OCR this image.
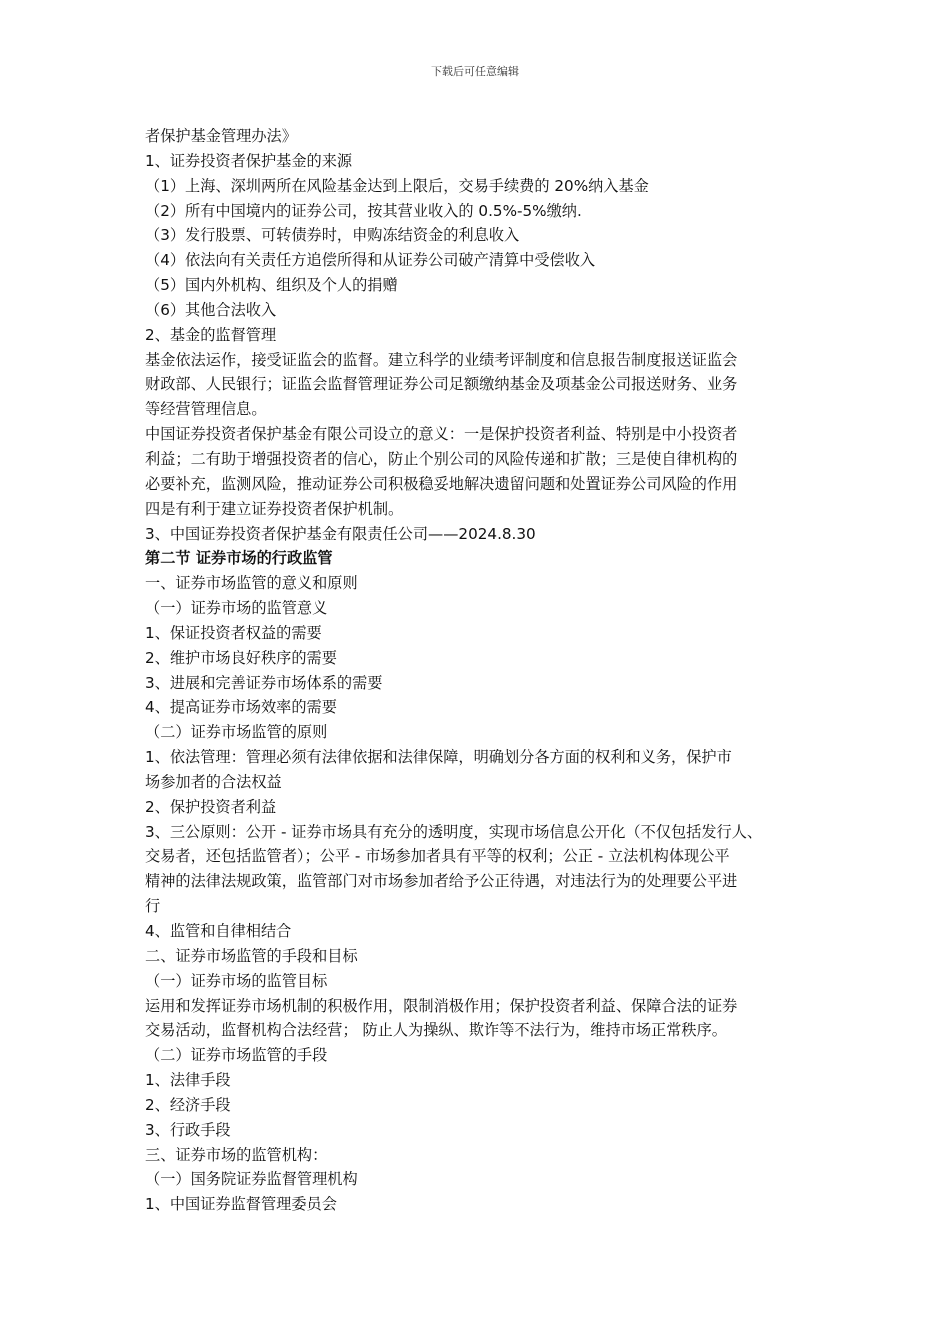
下载后可任意编辑
者保护基金管理办法》
1、证券投资者保护基金的来源
（1）上海、深圳两所在风险基金达到上限后，交易手续费的 20%纳入基金
（2）所有中国境内的证券公司，按其营业收入的 0.5%-5%缴纳.
（3）发行股票、可转债券时，申购冻结资金的利息收入
（4）依法向有关责任方追偿所得和从证券公司破产清算中受偿收入
（5）国内外机构、组织及个人的捐赠
（6）其他合法收入
2、基金的监督管理
基金依法运作，接受证监会的监督。建立科学的业绩考评制度和信息报告制度报送证监会
财政部、人民银行；证监会监督管理证券公司足额缴纳基金及项基金公司报送财务、业务
等经营管理信息。
中国证券投资者保护基金有限公司设立的意义：一是保护投资者利益、特别是中小投资者
利益；二有助于增强投资者的信心，防止个别公司的风险传递和扩散；三是使自律机构的
必要补充，监测风险，推动证券公司积极稳妥地解决遗留问题和处置证券公司风险的作用
四是有利于建立证券投资者保护机制。
3、中国证券投资者保护基金有限责任公司——2024.8.30
第二节 证券市场的行政监管
一、证券市场监管的意义和原则
（一）证券市场的监管意义
1、保证投资者权益的需要
2、维护市场良好秩序的需要
3、进展和完善证券市场体系的需要
4、提高证券市场效率的需要
（二）证券市场监管的原则
1、依法管理：管理必须有法律依据和法律保障，明确划分各方面的权利和义务，保护市
场参加者的合法权益
2、保护投资者利益
3、三公原则：公开 - 证券市场具有充分的透明度，实现市场信息公开化（不仅包括发行人、
交易者，还包括监管者）；公平 - 市场参加者具有平等的权利；公正 - 立法机构体现公平
精神的法律法规政策，监管部门对市场参加者给予公正待遇，对违法行为的处理要公平进
行
4、监管和自律相结合
二、证券市场监管的手段和目标
（一）证券市场的监管目标
运用和发挥证券市场机制的积极作用，限制消极作用；保护投资者利益、保障合法的证券
交易活动，监督机构合法经营； 防止人为操纵、欺诈等不法行为，维持市场正常秩序。
（二）证券市场监管的手段
1、法律手段
2、经济手段
3、行政手段
三、证券市场的监管机构：
（一）国务院证券监督管理机构
1、中国证券监督管理委员会
